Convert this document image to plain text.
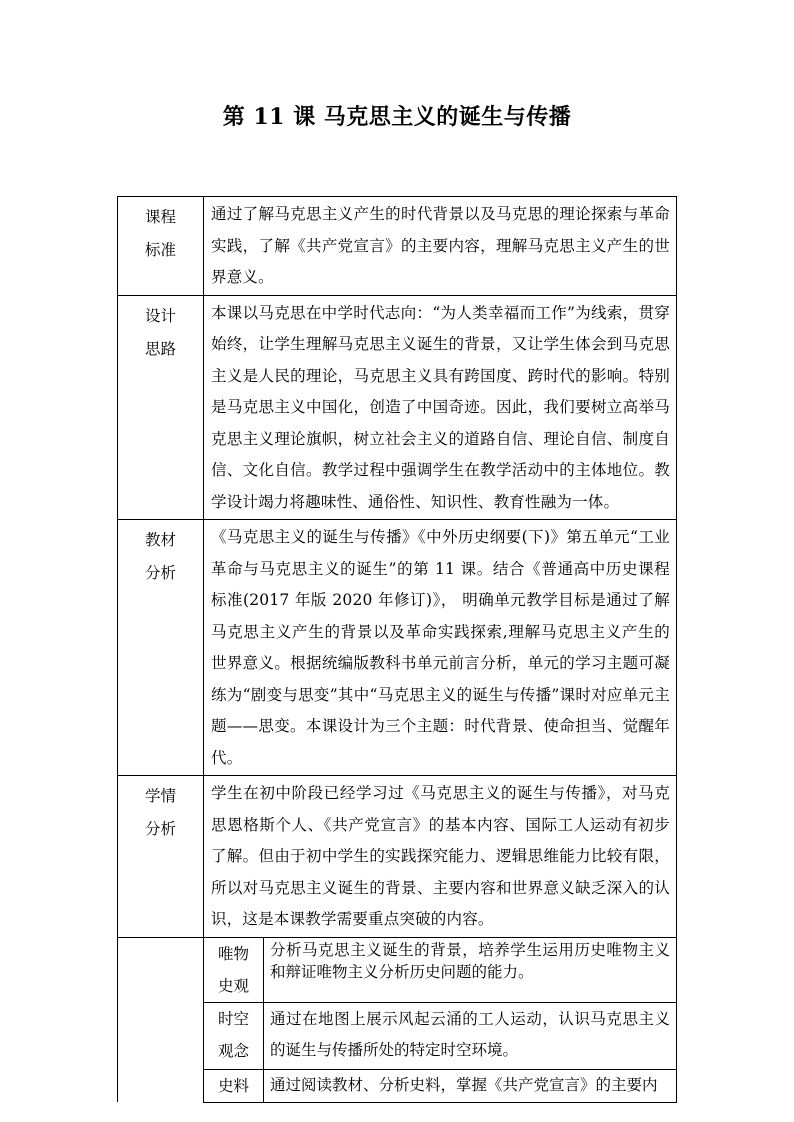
第 11 课 马克思主义的诞生与传播
课程
标准	通过了解马克思主义产生的时代背景以及马克思的理论探索与革命实践，了解《共产党宣言》的主要内容，理解马克思主义产生的世界意义。	

设计
思路	本课以马克思在中学时代志向：“为人类幸福而工作”为线索，贯穿始终，让学生理解马克思主义诞生的背景，又让学生体会到马克思主义是人民的理论，马克思主义具有跨国度、跨时代的影响。特别是马克思主义中国化，创造了中国奇迹。因此，我们要树立高举马克思主义理论旗帜，树立社会主义的道路自信、理论自信、制度自信、文化自信。教学过程中强调学生在教学活动中的主体地位。教学设计竭力将趣味性、通俗性、知识性、教育性融为一体。	

教材
分析	《马克思主义的诞生与传播》《中外历史纲要(下)》第五单元“工业革命与马克思主义的诞生”的第 11 课。结合《普通高中历史课程标准(2017 年版 2020 年修订)》， 明确单元教学目标是通过了解马克思主义产生的背景以及革命实践探索,理解马克思主义产生的世界意义。根据统编版教科书单元前言分析，单元的学习主题可凝练为“剧变与思变”其中“马克思主义的诞生与传播”课时对应单元主题——思变。本课设计为三个主题：时代背景、使命担当、觉醒年代。	

学情
分析	学生在初中阶段已经学习过《马克思主义的诞生与传播》，对马克思恩格斯个人、《共产党宣言》的基本内容、国际工人运动有初步了解。但由于初中学生的实践探究能力、逻辑思维能力比较有限，所以对马克思主义诞生的背景、主要内容和世界意义缺乏深入的认识，这是本课教学需要重点突破的内容。	

	唯物
史观	分析马克思主义诞生的背景，培养学生运用历史唯物主义和辩证唯物主义分析历史问题的能力。

	时空
观念	通过在地图上展示风起云涌的工人运动，认识马克思主义的诞生与传播所处的特定时空环境。

	史料	通过阅读教材、分析史料，掌握《共产党宣言》的主要内
